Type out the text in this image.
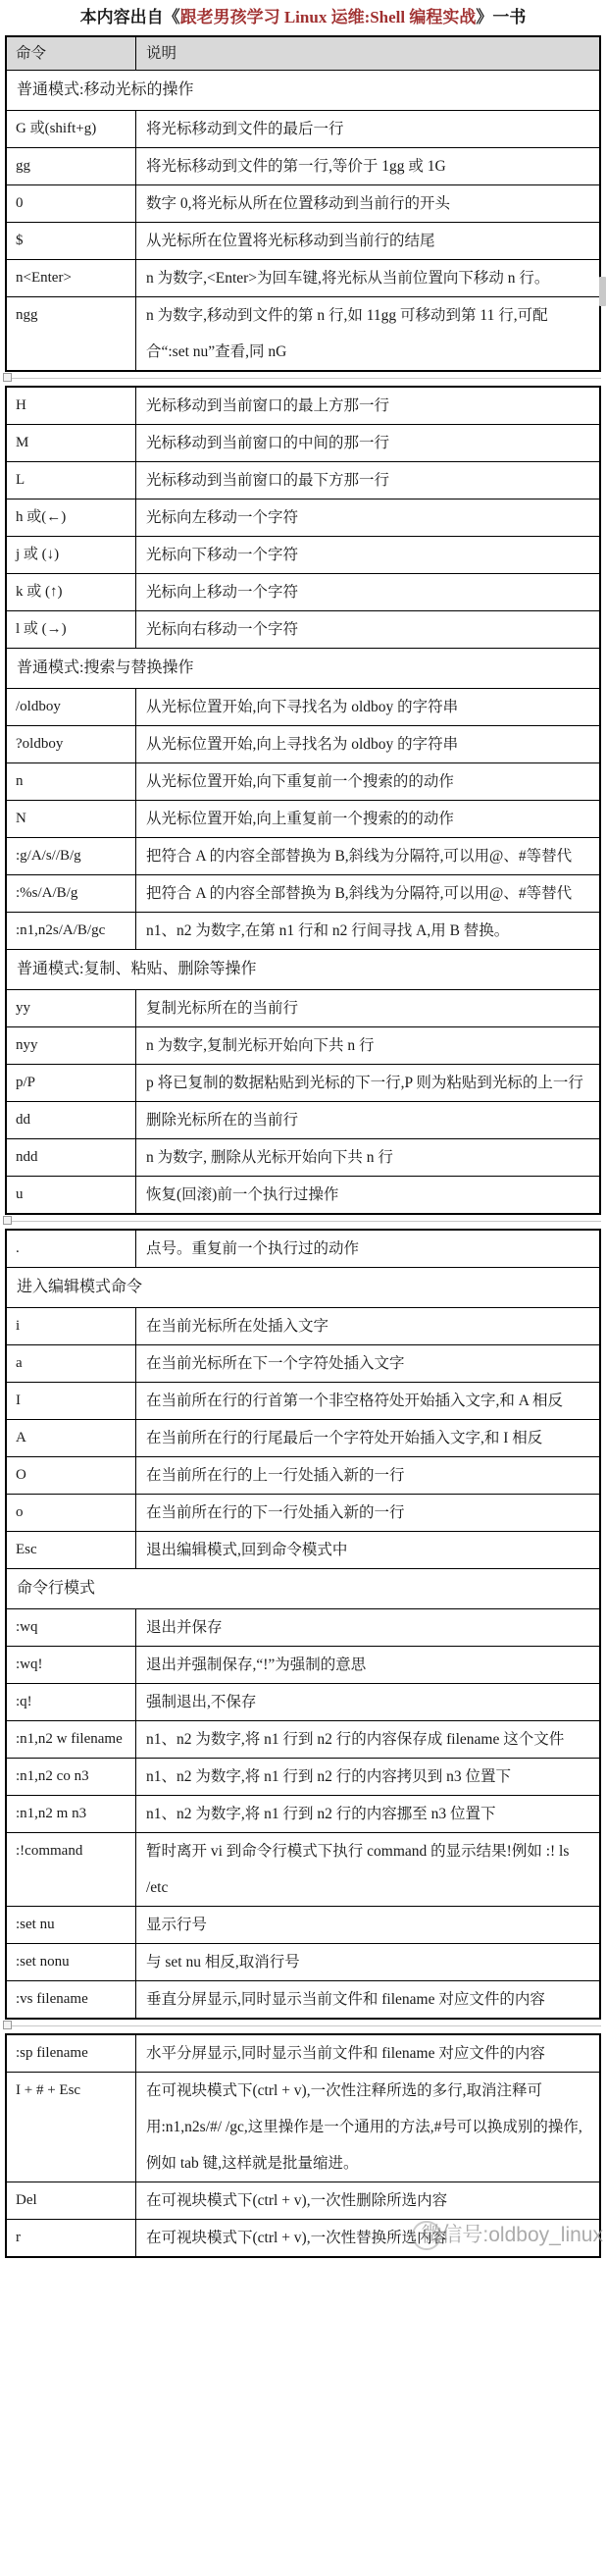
本内容出自《跟老男孩学习 Linux 运维:Shell 编程实战》一书
命令	说明
普通模式:移动光标的操作
G 或(shift+g)	将光标移动到文件的最后一行
gg	将光标移动到文件的第一行,等价于 1gg 或 1G
0	数字 0,将光标从所在位置移动到当前行的开头
$	从光标所在位置将光标移动到当前行的结尾
n<Enter>	n 为数字,<Enter>为回车键,将光标从当前位置向下移动 n 行。
ngg	n 为数字,移动到文件的第 n 行,如 11gg 可移动到第 11 行,可配合“:set nu”查看,同 nG
H	光标移动到当前窗口的最上方那一行
M	光标移动到当前窗口的中间的那一行
L	光标移动到当前窗口的最下方那一行
h 或(←)	光标向左移动一个字符
j 或 (↓)	光标向下移动一个字符
k 或 (↑)	光标向上移动一个字符
l 或 (→)	光标向右移动一个字符
普通模式:搜索与替换操作
/oldboy	从光标位置开始,向下寻找名为 oldboy 的字符串
?oldboy	从光标位置开始,向上寻找名为 oldboy 的字符串
n	从光标位置开始,向下重复前一个搜索的的动作
N	从光标位置开始,向上重复前一个搜索的的动作
:g/A/s//B/g	把符合 A 的内容全部替换为 B,斜线为分隔符,可以用@、#等替代
:%s/A/B/g	把符合 A 的内容全部替换为 B,斜线为分隔符,可以用@、#等替代
:n1,n2s/A/B/gc	n1、n2 为数字,在第 n1 行和 n2 行间寻找 A,用 B 替换。
普通模式:复制、粘贴、删除等操作
yy	复制光标所在的当前行
nyy	n 为数字,复制光标开始向下共 n 行
p/P	p 将已复制的数据粘贴到光标的下一行,P 则为粘贴到光标的上一行
dd	删除光标所在的当前行
ndd	n 为数字, 删除从光标开始向下共 n 行
u	恢复(回滚)前一个执行过操作
.	点号。重复前一个执行过的动作
进入编辑模式命令
i	在当前光标所在处插入文字
a	在当前光标所在下一个字符处插入文字
I	在当前所在行的行首第一个非空格符处开始插入文字,和 A 相反
A	在当前所在行的行尾最后一个字符处开始插入文字,和 I 相反
O	在当前所在行的上一行处插入新的一行
o	在当前所在行的下一行处插入新的一行
Esc	退出编辑模式,回到命令模式中
命令行模式
:wq	退出并保存
:wq!	退出并强制保存,“!”为强制的意思
:q!	强制退出,不保存
:n1,n2 w filename	n1、n2 为数字,将 n1 行到 n2 行的内容保存成 filename 这个文件
:n1,n2 co n3	n1、n2 为数字,将 n1 行到 n2 行的内容拷贝到 n3 位置下
:n1,n2 m n3	n1、n2 为数字,将 n1 行到 n2 行的内容挪至 n3 位置下
:!command	暂时离开 vi 到命令行模式下执行 command 的显示结果!例如 :! ls /etc
:set nu	显示行号
:set nonu	与 set nu 相反,取消行号
:vs filename	垂直分屏显示,同时显示当前文件和 filename 对应文件的内容
:sp filename	水平分屏显示,同时显示当前文件和 filename 对应文件的内容
I + # + Esc	在可视块模式下(ctrl + v),一次性注释所选的多行,取消注释可用:n1,n2s/#/ /gc,这里操作是一个通用的方法,#号可以换成别的操作,例如 tab 键,这样就是批量缩进。
Del	在可视块模式下(ctrl + v),一次性删除所选内容
r	在可视块模式下(ctrl + v),一次性替换所选内容
微信号:oldboy_linux
